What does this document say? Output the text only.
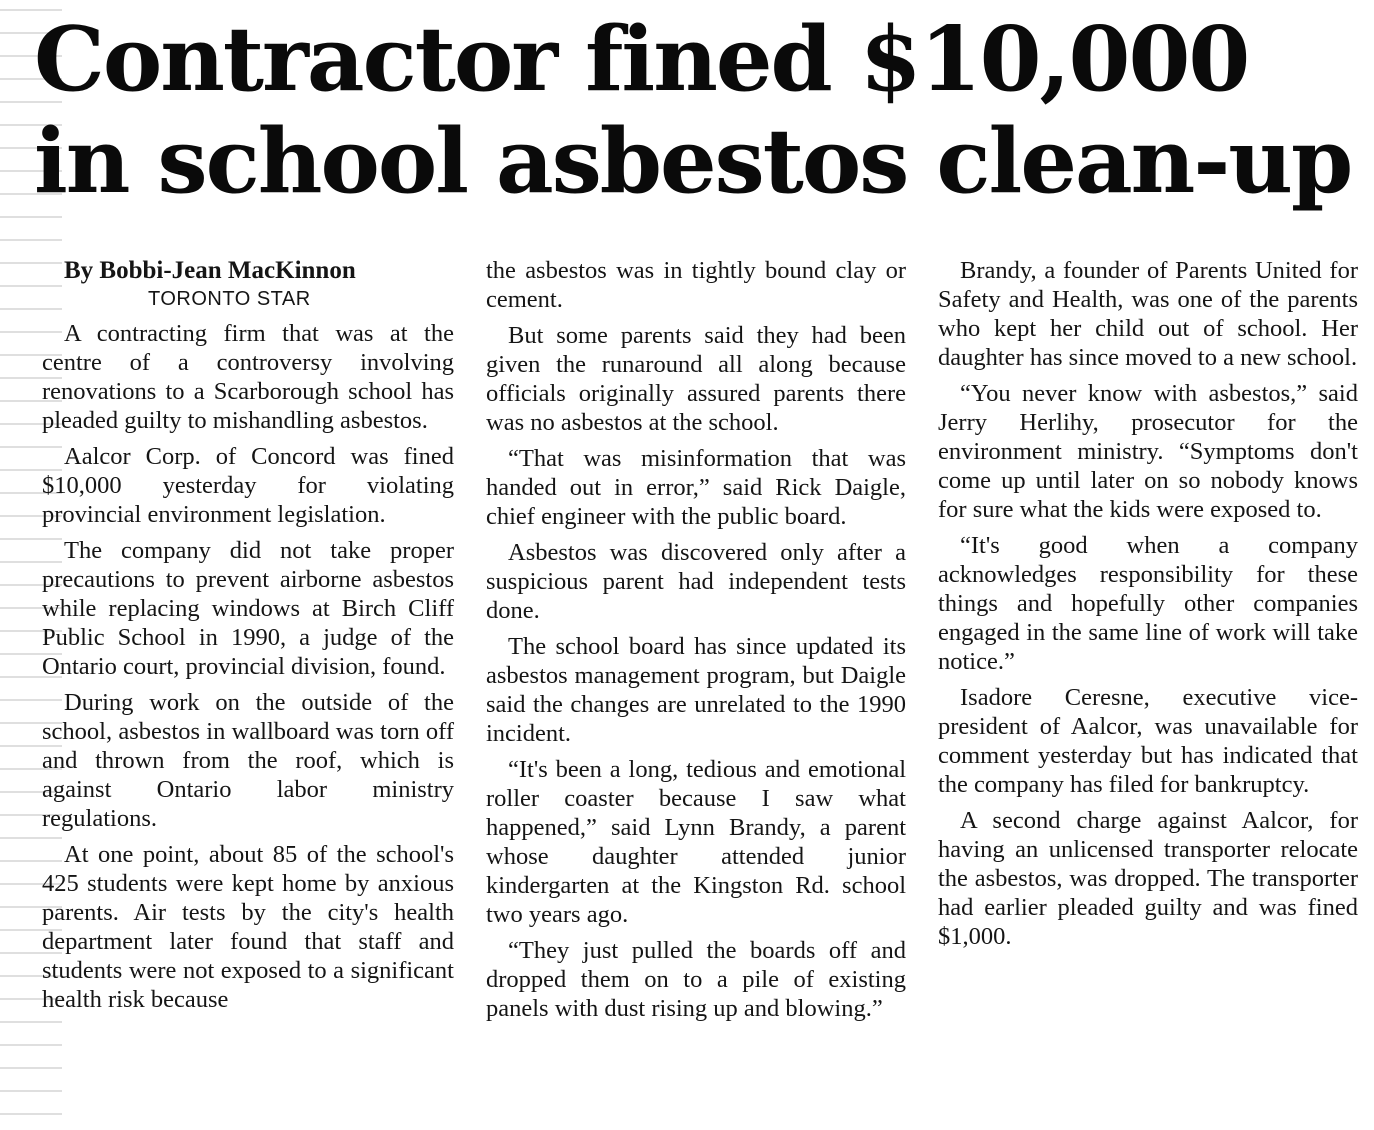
Contractor fined $10,000
in school asbestos clean-up

By Bobbi-Jean MacKinnon

TORONTO STAR

A contracting firm that was at the centre of a controversy involving renovations to a Scarborough school has pleaded guilty to mishandling asbestos.

Aalcor Corp. of Concord was fined $10,000 yesterday for violating provincial environment legislation.

The company did not take proper precautions to prevent airborne asbestos while replacing windows at Birch Cliff Public School in 1990, a judge of the Ontario court, provincial division, found.

During work on the outside of the school, asbestos in wallboard was torn off and thrown from the roof, which is against Ontario labor ministry regulations.

At one point, about 85 of the school's 425 students were kept home by anxious parents. Air tests by the city's health department later found that staff and students were not exposed to a significant health risk because

the asbestos was in tightly bound clay or cement.

But some parents said they had been given the runaround all along because officials originally assured parents there was no asbestos at the school.

“That was misinformation that was handed out in error,” said Rick Daigle, chief engineer with the public board.

Asbestos was discovered only after a suspicious parent had independent tests done.

The school board has since updated its asbestos management program, but Daigle said the changes are unrelated to the 1990 incident.

“It's been a long, tedious and emotional roller coaster because I saw what happened,” said Lynn Brandy, a parent whose daughter attended junior kindergarten at the Kingston Rd. school two years ago.

“They just pulled the boards off and dropped them on to a pile of existing panels with dust rising up and blowing.”

Brandy, a founder of Parents United for Safety and Health, was one of the parents who kept her child out of school. Her daughter has since moved to a new school.

“You never know with asbestos,” said Jerry Herlihy, prosecutor for the environment ministry. “Symptoms don't come up until later on so nobody knows for sure what the kids were exposed to.

“It's good when a company acknowledges responsibility for these things and hopefully other companies engaged in the same line of work will take notice.”

Isadore Ceresne, executive vice-president of Aalcor, was unavailable for comment yesterday but has indicated that the company has filed for bankruptcy.

A second charge against Aalcor, for having an unlicensed transporter relocate the asbestos, was dropped. The transporter had earlier pleaded guilty and was fined $1,000.
